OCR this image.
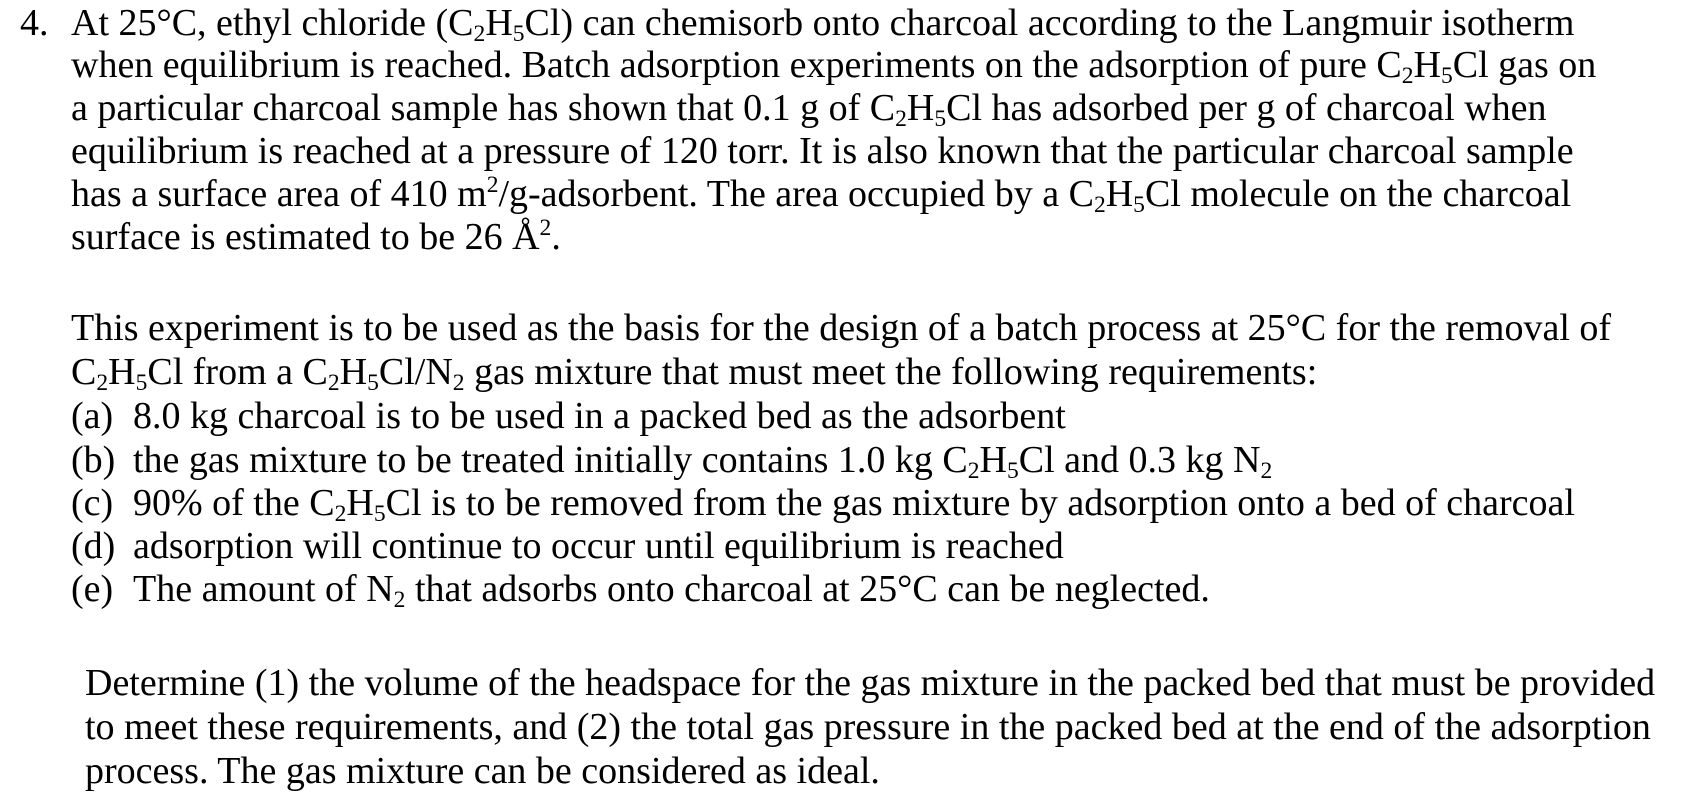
4. At 25°C, ethyl chloride $(C_2H_5Cl)$ can chemisorb onto charcoal according to the Langmuir isotherm
when equilibrium is reached. Batch adsorption experiments on the adsorption of pure $C_2H_5Cl$ gas on
a particular charcoal sample has shown that 0.1 g of $C_2H_5Cl$ has adsorbed per g of charcoal when
equilibrium is reached at a pressure of 120 torr. It is also known that the particular charcoal sample
has a surface area of 410 $m^2/g$-adsorbent. The area occupied by a $C_2H_5Cl$ molecule on the charcoal
surface is estimated to be 26 $Å^2$.
This experiment is to be used as the basis for the design of a batch process at 25°C for the removal of
$C_2H_5Cl$ from a $C_2H_5Cl/N_2$ gas mixture that must meet the following requirements:
(a) 8.0 kg charcoal is to be used in a packed bed as the adsorbent
(b) the gas mixture to be treated initially contains 1.0 kg $C_2H_5Cl$ and 0.3 kg $N_2$
(c) 90% of the $C_2H_5Cl$ is to be removed from the gas mixture by adsorption onto a bed of charcoal
(d) adsorption will continue to occur until equilibrium is reached
(e) The amount of $N_2$ that adsorbs onto charcoal at 25°C can be neglected.
Determine (1) the volume of the headspace for the gas mixture in the packed bed that must be provided
to meet these requirements, and (2) the total gas pressure in the packed bed at the end of the adsorption
process. The gas mixture can be considered as ideal.
